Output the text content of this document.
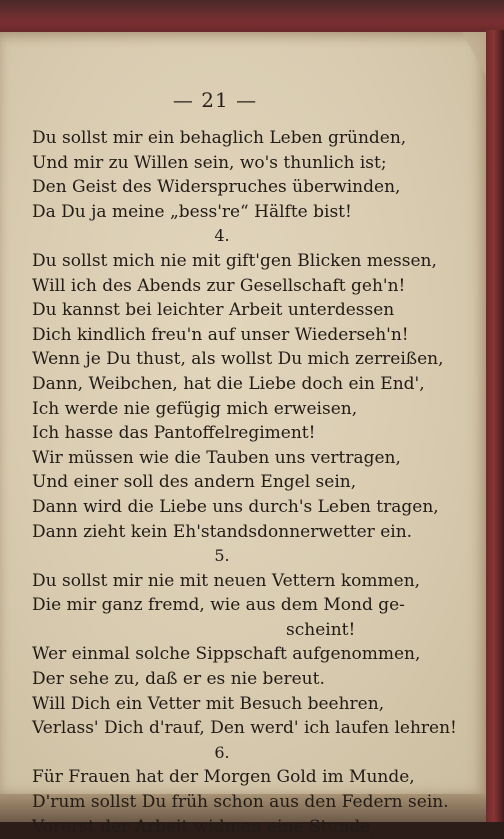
— 21 —
Du sollst mir ein behaglich Leben gründen,
Und mir zu Willen sein, wo's thunlich ist;
Den Geist des Widerspruches überwinden,
Da Du ja meine „bess're“ Hälfte bist!
4.
Du sollst mich nie mit gift'gen Blicken messen,
Will ich des Abends zur Gesellschaft geh'n!
Du kannst bei leichter Arbeit unterdessen
Dich kindlich freu'n auf unser Wiederseh'n!
Wenn je Du thust, als wollst Du mich zerreißen,
Dann, Weibchen, hat die Liebe doch ein End',
Ich werde nie gefügig mich erweisen,
Ich hasse das Pantoffelregiment!
Wir müssen wie die Tauben uns vertragen,
Und einer soll des andern Engel sein,
Dann wird die Liebe uns durch's Leben tragen,
Dann zieht kein Eh'standsdonnerwetter ein.
5.
Du sollst mir nie mit neuen Vettern kommen,
Die mir ganz fremd, wie aus dem Mond ge-
scheint!
Wer einmal solche Sippschaft aufgenommen,
Der sehe zu, daß er es nie bereut.
Will Dich ein Vetter mit Besuch beehren,
Verlass' Dich d'rauf, Den werd' ich laufen lehren!
6.
Für Frauen hat der Morgen Gold im Munde,
D'rum sollst Du früh schon aus den Federn sein.
Vorerst der Arbeit widmen eine Stunde,
